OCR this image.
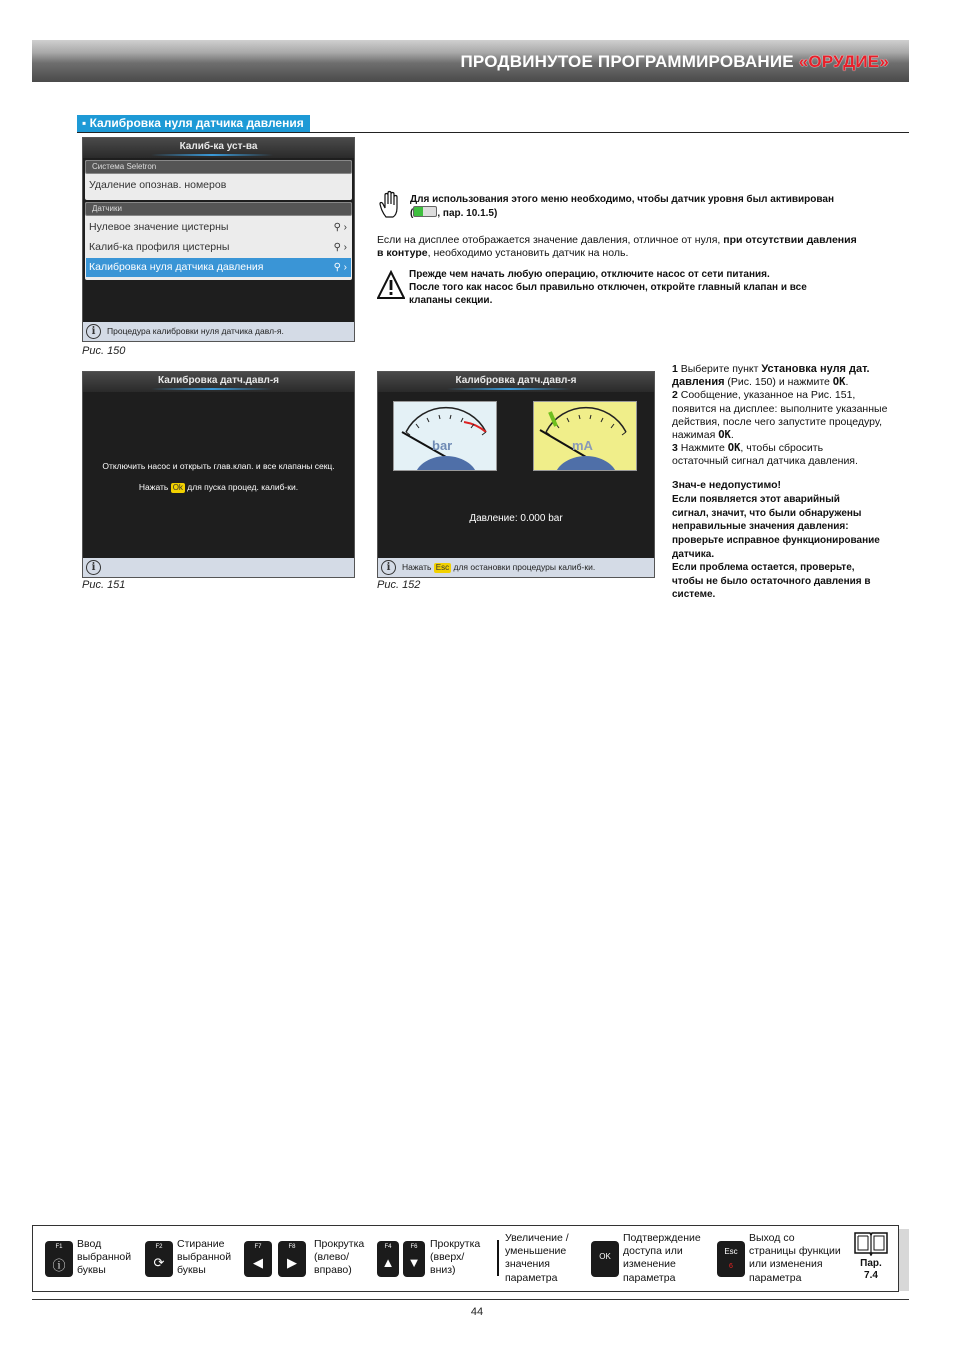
ПРОДВИНУТОЕ ПРОГРАММИРОВАНИЕ «ОРУДИЕ»
▪ Калибровка нуля датчика давления
Калиб-ка уст-ва
Система Seletron
Удаление опознав. номеров
Датчики
Нулевое значение цистерны	⚲ ›
Калиб-ка профиля цистерны	⚲ ›
Калибровка нуля датчика давления	⚲ ›
i	Процедура калибровки нуля датчика давл-я.
Рис. 150
Для использования этого меню необходимо, чтобы датчик уровня был активирован
( , пар. 10.1.5)
Если на дисплее отображается значение давления, отличное от нуля, при отсутствии давления
в контуре, необходимо установить датчик на ноль.
Прежде чем начать любую операцию, отключите насос от сети питания.
После того как насос был правильно отключен, откройте главный клапан и все
клапаны секции.
Калибровка датч.давл-я
Отключить насос и открыть глав.клап. и все клапаны секц.
Нажать Ok для пуска процед. калиб-ки.
i
Рис. 151
Калибровка датч.давл-я
bar	mA
Давление: 0.000 bar
i	Нажать Esc для остановки процедуры калиб-ки.
Рис. 152
1 Выберите пункт Установка нуля дат.
давления (Рис. 150) и нажмите OK.
2 Сообщение, указанное на Рис. 151,
появится на дисплее: выполните указанные
действия, после чего запустите процедуру,
нажимая OK.
3 Нажмите OK, чтобы сбросить
остаточный сигнал датчика давления.
Знач-е недопустимо!
Если появляется этот аварийный
сигнал, значит, что были обнаружены
неправильные значения давления:
проверьте исправное функционирование
датчика.
Если проблема остается, проверьте,
чтобы не было остаточного давления в
системе.
F1
ⓘ
Ввод
выбранной
буквы
F2
⟳
Стирание
выбранной
буквы
F7
◀
F8
▶
Прокрутка
(влево/
вправо)
F4
▲
F6
▼
Прокрутка
(вверх/
вниз)
Увеличение /
уменьшение
значения
параметра
OK
Подтверждение
доступа или
изменение
параметра
Esc
6
Выход со
страницы функции
или изменения
параметра
Пар.
7.4
44
